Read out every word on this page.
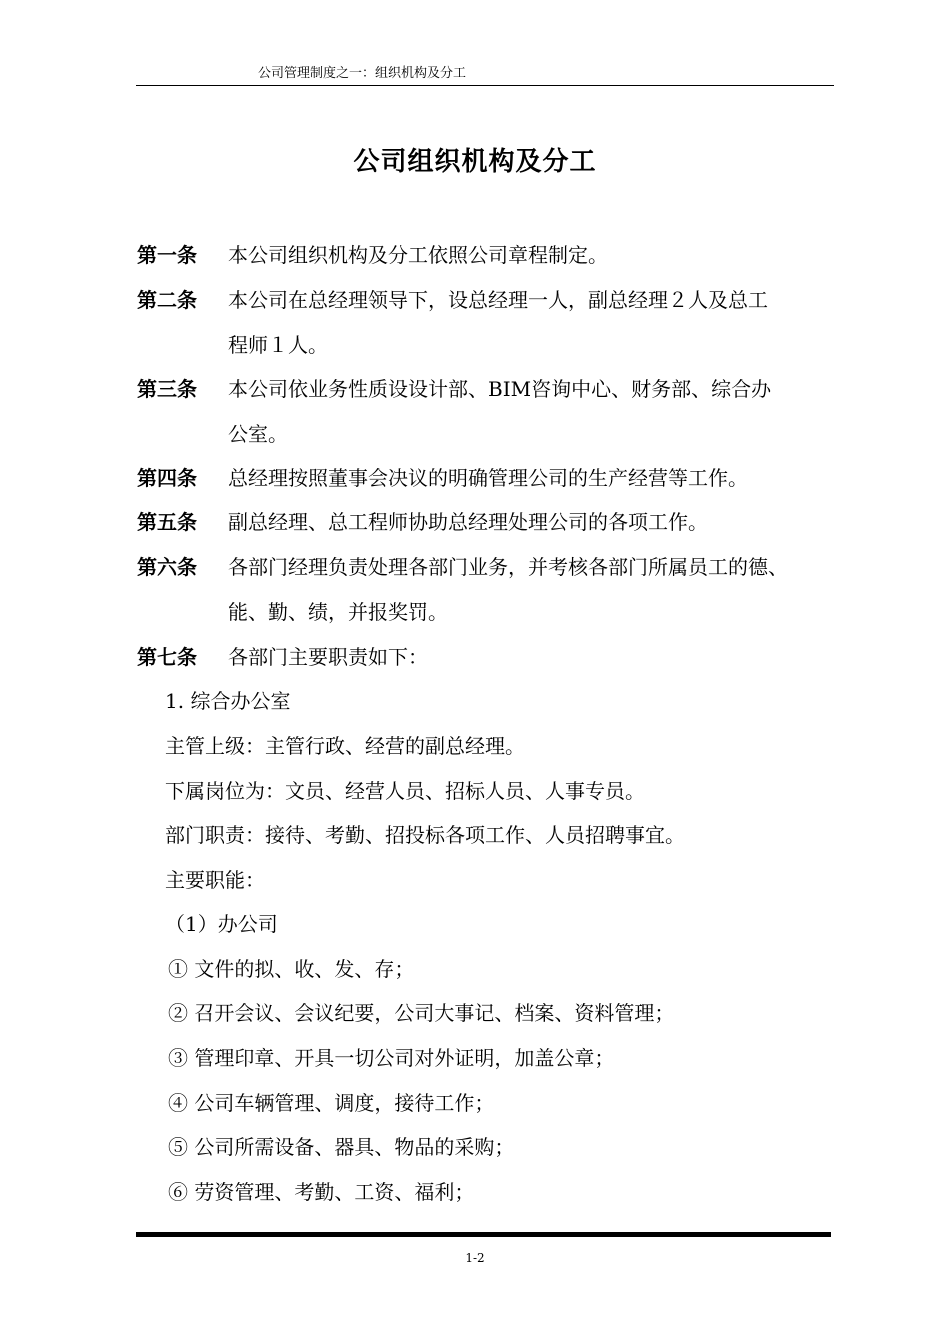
公司管理制度之一：组织机构及分工
公司组织机构及分工
第一条 本公司组织机构及分工依照公司章程制定。
第二条 本公司在总经理领导下，设总经理一人，副总经理２人及总工
程师１人。
第三条 本公司依业务性质设设计部、BIM咨询中心、财务部、综合办
公室。
第四条 总经理按照董事会决议的明确管理公司的生产经营等工作。
第五条 副总经理、总工程师协助总经理处理公司的各项工作。
第六条 各部门经理负责处理各部门业务，并考核各部门所属员工的德、
能、勤、绩，并报奖罚。
第七条 各部门主要职责如下：
1. 综合办公室
主管上级：主管行政、经营的副总经理。
下属岗位为：文员、经营人员、招标人员、人事专员。
部门职责：接待、考勤、招投标各项工作、人员招聘事宜。
主要职能：
（1）办公司
① 文件的拟、收、发、存；
② 召开会议、会议纪要，公司大事记、档案、资料管理；
③ 管理印章、开具一切公司对外证明，加盖公章；
④ 公司车辆管理、调度，接待工作；
⑤ 公司所需设备、器具、物品的采购；
⑥ 劳资管理、考勤、工资、福利；
1-2
